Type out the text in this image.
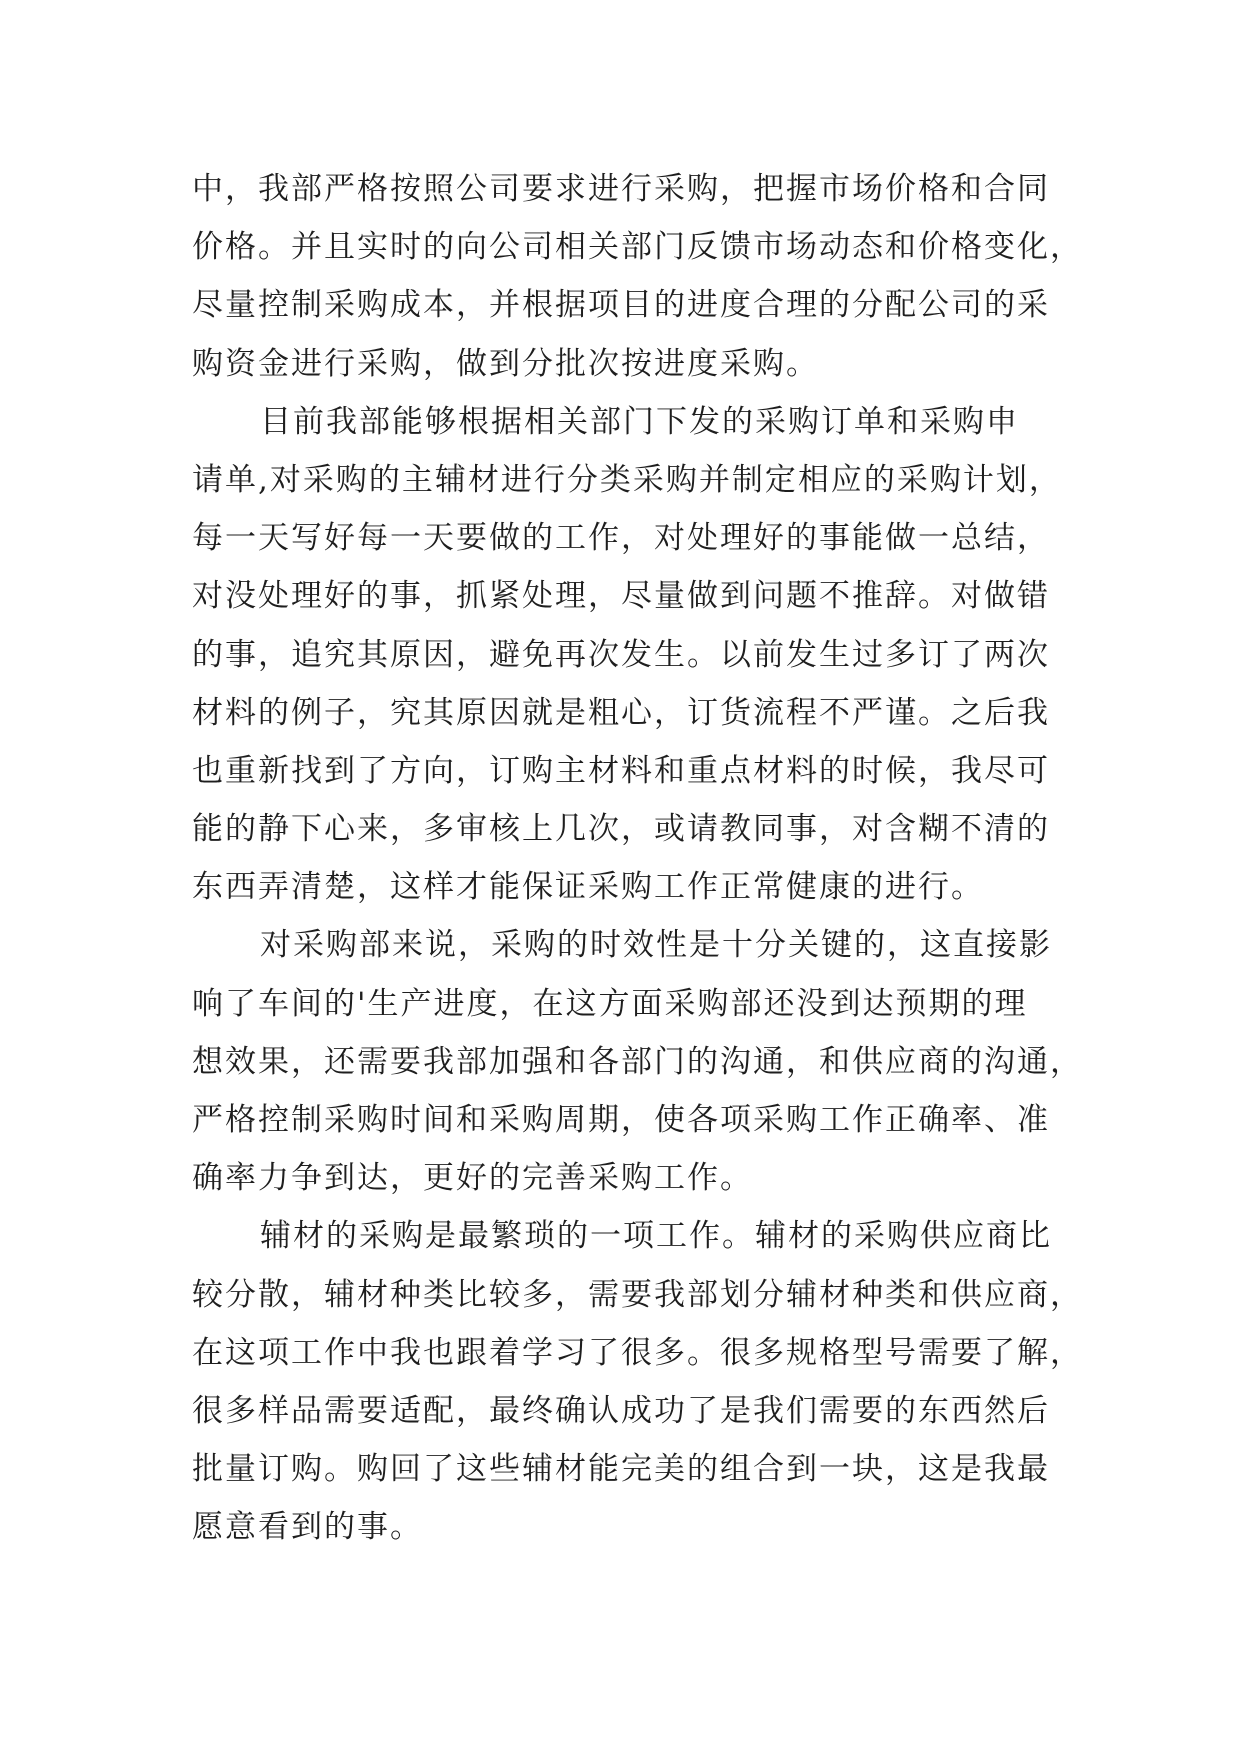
中，我部严格按照公司要求进行采购，把握市场价格和合同
价格。并且实时的向公司相关部门反馈市场动态和价格变化，
尽量控制采购成本，并根据项目的进度合理的分配公司的采
购资金进行采购，做到分批次按进度采购。
目前我部能够根据相关部门下发的采购订单和采购申
请单,对采购的主辅材进行分类采购并制定相应的采购计划，
每一天写好每一天要做的工作，对处理好的事能做一总结，
对没处理好的事，抓紧处理，尽量做到问题不推辞。对做错
的事，追究其原因，避免再次发生。以前发生过多订了两次
材料的例子，究其原因就是粗心，订货流程不严谨。之后我
也重新找到了方向，订购主材料和重点材料的时候，我尽可
能的静下心来，多审核上几次，或请教同事，对含糊不清的
东西弄清楚，这样才能保证采购工作正常健康的进行。
对采购部来说，采购的时效性是十分关键的，这直接影
响了车间的'生产进度，在这方面采购部还没到达预期的理
想效果，还需要我部加强和各部门的沟通，和供应商的沟通，
严格控制采购时间和采购周期，使各项采购工作正确率、准
确率力争到达，更好的完善采购工作。
辅材的采购是最繁琐的一项工作。辅材的采购供应商比
较分散，辅材种类比较多，需要我部划分辅材种类和供应商，
在这项工作中我也跟着学习了很多。很多规格型号需要了解，
很多样品需要适配，最终确认成功了是我们需要的东西然后
批量订购。购回了这些辅材能完美的组合到一块，这是我最
愿意看到的事。
